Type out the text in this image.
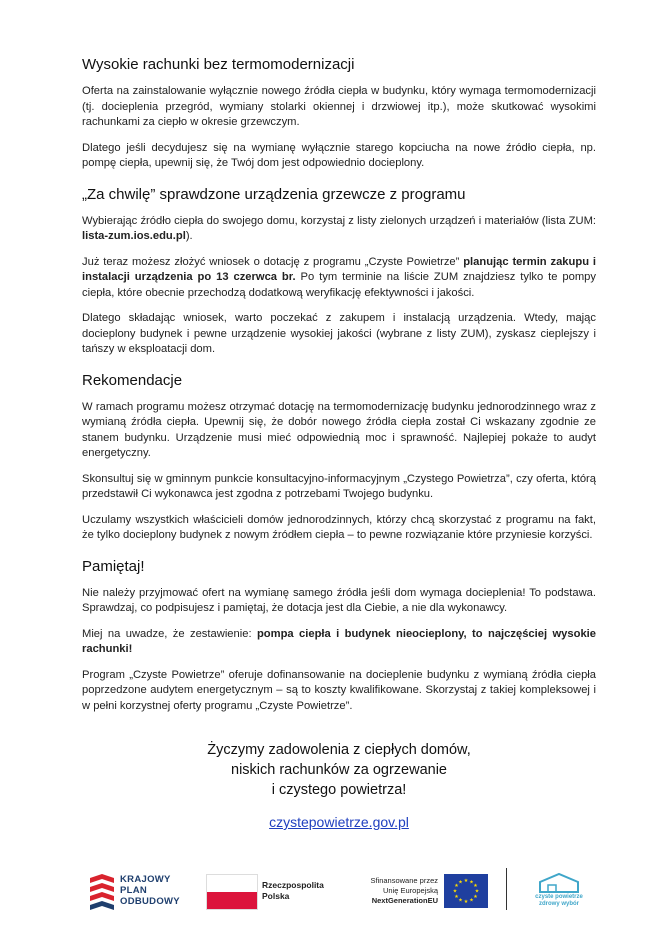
Wysokie rachunki bez termomodernizacji

Oferta na zainstalowanie wyłącznie nowego źródła ciepła w budynku, który wymaga termomodernizacji (tj. docieplenia przegród, wymiany stolarki okiennej i drzwiowej itp.), może skutkować wysokimi rachunkami za ciepło w okresie grzewczym.

Dlatego jeśli decydujesz się na wymianę wyłącznie starego kopciucha na nowe źródło ciepła, np. pompę ciepła, upewnij się, że Twój dom jest odpowiednio docieplony.

„Za chwilę” sprawdzone urządzenia grzewcze z programu

Wybierając źródło ciepła do swojego domu, korzystaj z listy zielonych urządzeń i materiałów (lista ZUM: lista-zum.ios.edu.pl).

Już teraz możesz złożyć wniosek o dotację z programu „Czyste Powietrze” planując termin zakupu i instalacji urządzenia po 13 czerwca br. Po tym terminie na liście ZUM znajdziesz tylko te pompy ciepła, które obecnie przechodzą dodatkową weryfikację efektywności i jakości.

Dlatego składając wniosek, warto poczekać z zakupem i instalacją urządzenia. Wtedy, mając docieplony budynek i pewne urządzenie wysokiej jakości (wybrane z listy ZUM), zyskasz cieplejszy i tańszy w eksploatacji dom.

Rekomendacje

W ramach programu możesz otrzymać dotację na termomodernizację budynku jednorodzinnego wraz z wymianą źródła ciepła. Upewnij się, że dobór nowego źródła ciepła został Ci wskazany zgodnie ze stanem budynku. Urządzenie musi mieć odpowiednią moc i sprawność. Najlepiej pokaże to audyt energetyczny.

Skonsultuj się w gminnym punkcie konsultacyjno-informacyjnym „Czystego Powietrza”, czy oferta, którą przedstawił Ci wykonawca jest zgodna z potrzebami Twojego budynku.

Uczulamy wszystkich właścicieli domów jednorodzinnych, którzy chcą skorzystać z programu na fakt, że tylko docieplony budynek z nowym źródłem ciepła – to pewne rozwiązanie które przyniesie korzyści.

Pamiętaj!

Nie należy przyjmować ofert na wymianę samego źródła jeśli dom wymaga docieplenia! To podstawa. Sprawdzaj, co podpisujesz i pamiętaj, że dotacja jest dla Ciebie, a nie dla wykonawcy.

Miej na uwadze, że zestawienie: pompa ciepła i budynek nieocieplony, to najczęściej wysokie rachunki!

Program „Czyste Powietrze” oferuje dofinansowanie na docieplenie budynku z wymianą źródła ciepła poprzedzone audytem energetycznym – są to koszty kwalifikowane. Skorzystaj z takiej kompleksowej i w pełni korzystnej oferty programu „Czyste Powietrze”.

Życzymy zadowolenia z ciepłych domów,
niskich rachunków za ogrzewanie
i czystego powietrza!
czystepowietrze.gov.pl
KRAJOWY
PLAN
ODBUDOWY
Rzeczpospolita
Polska
Sfinansowane przez
Unię Europejską
NextGenerationEU
★ ★
★
★
★
★
★
★
★
★
★
★
czyste powietrze
zdrowy wybór
